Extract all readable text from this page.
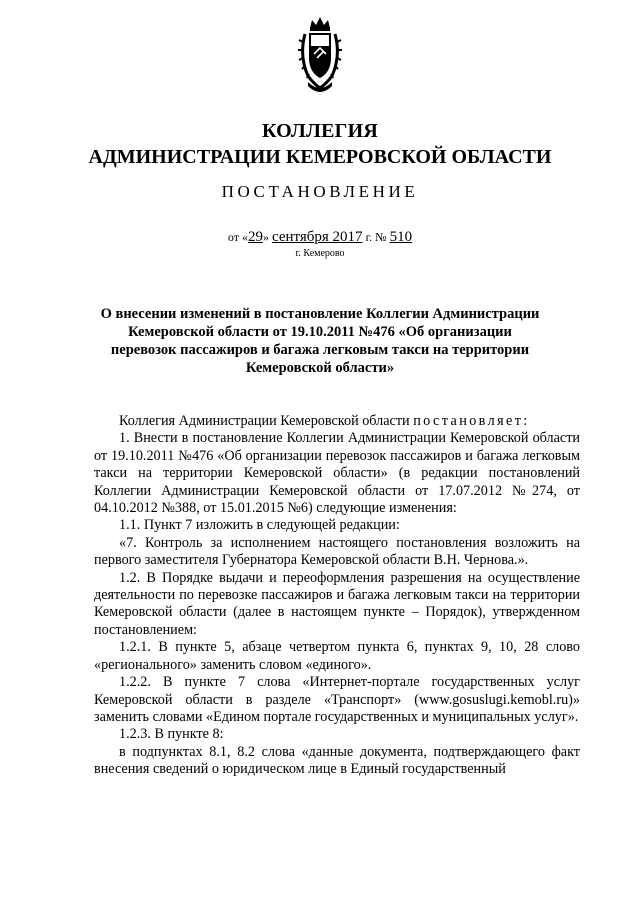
КОЛЛЕГИЯ
АДМИНИСТРАЦИИ КЕМЕРОВСКОЙ ОБЛАСТИ
ПОСТАНОВЛЕНИЕ
от «29» сентября 2017 г. № 510
г. Кемерово
О внесении изменений в постановление Коллегии Администрации Кемеровской области от 19.10.2011 №476 «Об организации перевозок пассажиров и багажа легковым такси на территории Кемеровской области»

Коллегия Администрации Кемеровской области постановляет:

1. Внести в постановление Коллегии Администрации Кемеровской области от 19.10.2011 №476 «Об организации перевозок пассажиров и багажа легковым такси на территории Кемеровской области» (в редакции постановлений Коллегии Администрации Кемеровской области от 17.07.2012 №274, от 04.10.2012 №388, от 15.01.2015 №6) следующие изменения:

1.1. Пункт 7 изложить в следующей редакции:

«7. Контроль за исполнением настоящего постановления возложить на первого заместителя Губернатора Кемеровской области В.Н. Чернова.».

1.2. В Порядке выдачи и переоформления разрешения на осуществление деятельности по перевозке пассажиров и багажа легковым такси на территории Кемеровской области (далее в настоящем пункте – Порядок), утвержденном постановлением:

1.2.1. В пункте 5, абзаце четвертом пункта 6, пунктах 9, 10, 28 слово «регионального» заменить словом «единого».

1.2.2. В пункте 7 слова «Интернет-портале государственных услуг Кемеровской области в разделе «Транспорт» (www.gosuslugi.kemobl.ru)» заменить словами «Едином портале государственных и муниципальных услуг».

1.2.3. В пункте 8:

в подпунктах 8.1, 8.2 слова «данные документа, подтверждающего факт внесения сведений о юридическом лице в Единый государственный
